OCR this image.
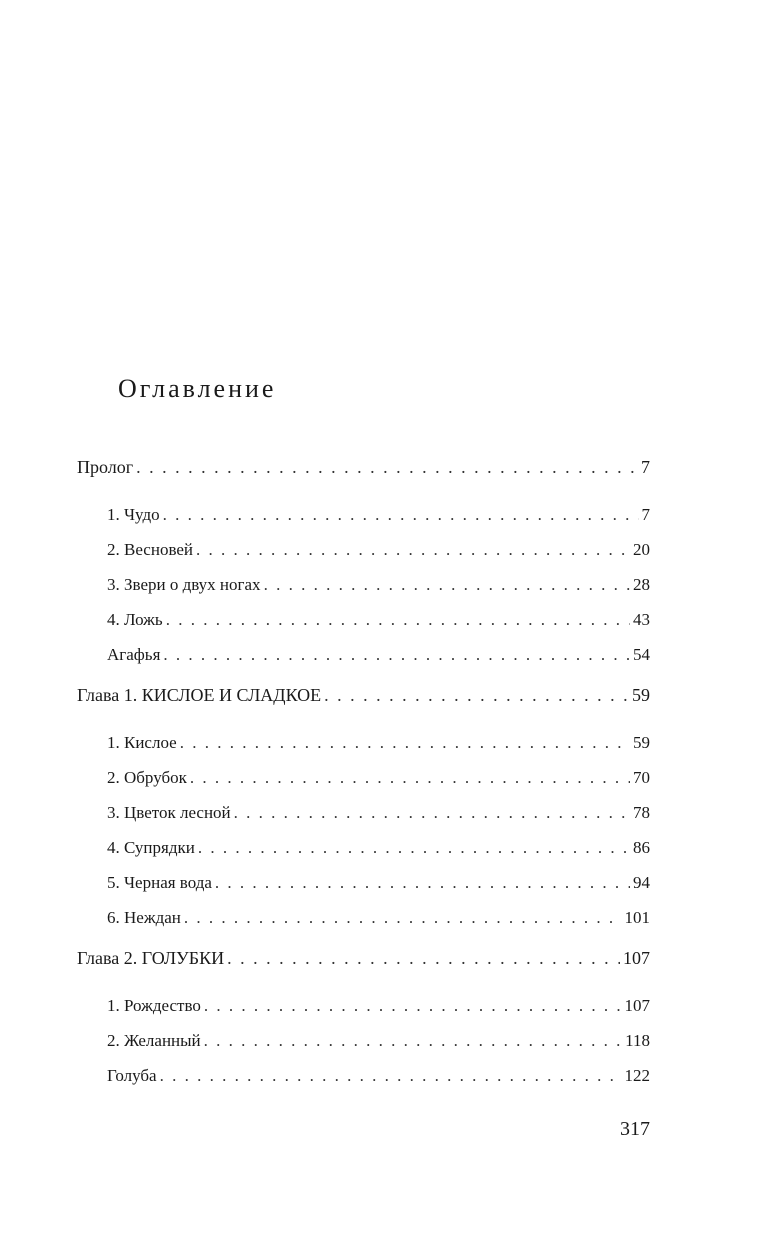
Оглавление
Пролог . . .	7
1. Чудо . . .	7
2. Весновей . . .	20
3. Звери о двух ногах . . .	28
4. Ложь . . .	43
Агафья . . .	54
Глава 1. КИСЛОЕ И СЛАДКОЕ . . .	59
1. Кислое . . .	59
2. Обрубок . . .	70
3. Цветок лесной . . .	78
4. Супрядки . . .	86
5. Черная вода . . .	94
6. Неждан . . .	101
Глава 2. ГОЛУБКИ . . .	107
1. Рождество . . .	107
2. Желанный . . .	118
Голуба . . .	122
317
